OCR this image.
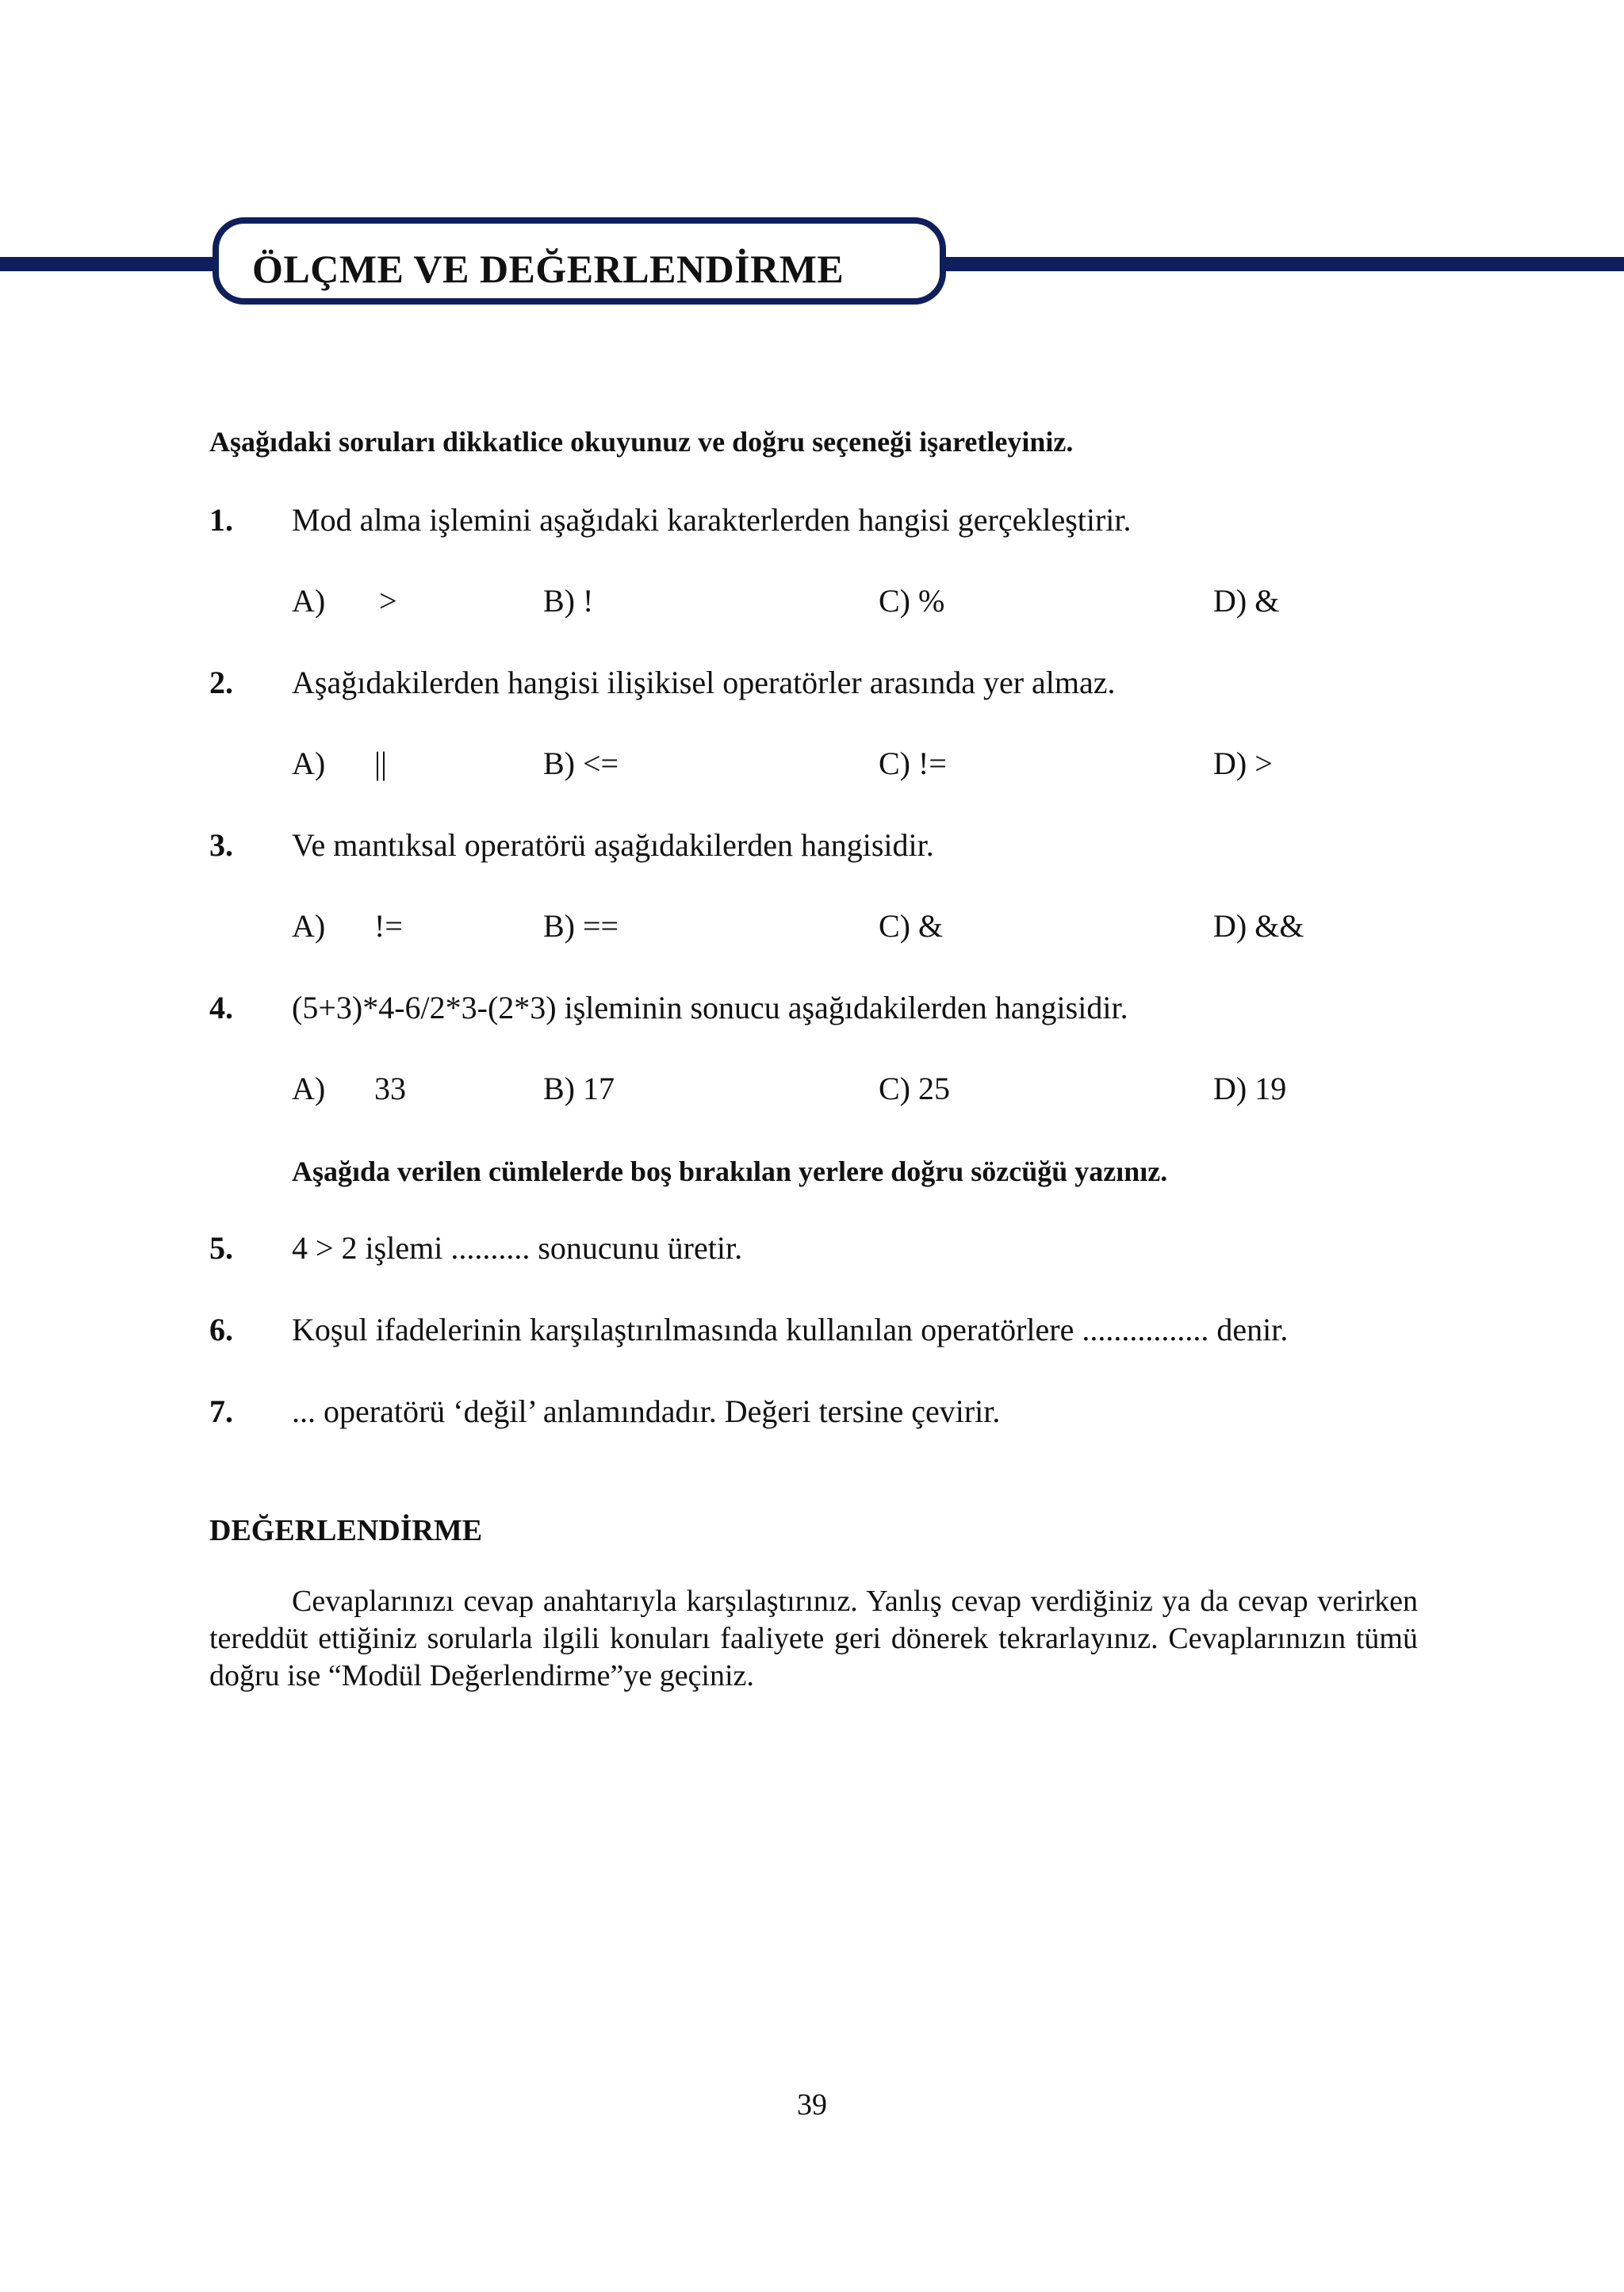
ÖLÇME VE DEĞERLENDİRME
Aşağıdaki soruları dikkatlice okuyunuz ve doğru seçeneği işaretleyiniz.
1. Mod alma işlemini aşağıdaki karakterlerden hangisi gerçekleştirir.
A) >	B) !	C) %	D) &
2. Aşağıdakilerden hangisi ilişikisel operatörler arasında yer almaz.
A) ||	B) <=	C) !=	D) >
3. Ve mantıksal operatörü aşağıdakilerden hangisidir.
A) !=	B) ==	C) &	D) &&
4. (5+3)*4-6/2*3-(2*3) işleminin sonucu aşağıdakilerden hangisidir.
A) 33	B) 17	C) 25	D) 19
Aşağıda verilen cümlelerde boş bırakılan yerlere doğru sözcüğü yazınız.
5. 4 > 2 işlemi .......... sonucunu üretir.
6. Koşul ifadelerinin karşılaştırılmasında kullanılan operatörlere ................ denir.
7. ... operatörü ‘değil’ anlamındadır. Değeri tersine çevirir.
DEĞERLENDİRME

Cevaplarınızı cevap anahtarıyla karşılaştırınız. Yanlış cevap verdiğiniz ya da cevap verirken tereddüt ettiğiniz sorularla ilgili konuları faaliyete geri dönerek tekrarlayınız. Cevaplarınızın tümü doğru ise “Modül Değerlendirme”ye geçiniz.

39
